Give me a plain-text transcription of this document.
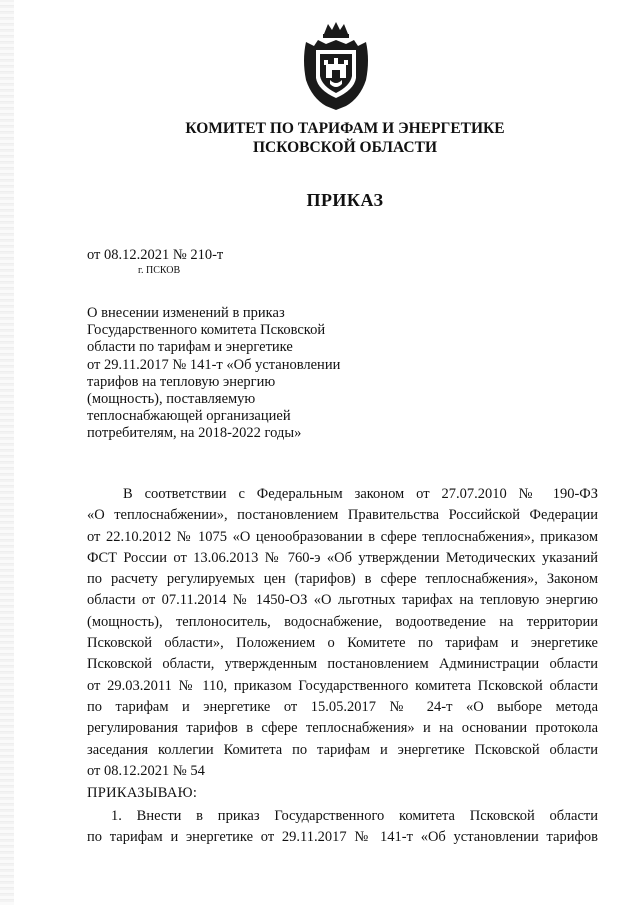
КОМИТЕТ ПО ТАРИФАМ И ЭНЕРГЕТИКЕ
ПСКОВСКОЙ ОБЛАСТИ
ПРИКАЗ
от 08.12.2021 № 210-т
г. ПСКОВ
О внесении изменений в приказ
Государственного комитета Псковской
области по тарифам и энергетике
от 29.11.2017 № 141-т «Об установлении
тарифов на тепловую энергию
(мощность), поставляемую
теплоснабжающей организацией
потребителям, на 2018-2022 годы»
В соответствии с Федеральным законом от 27.07.2010 № 190-ФЗ
«О теплоснабжении», постановлением Правительства Российской Федерации
от 22.10.2012 № 1075 «О ценообразовании в сфере теплоснабжения», приказом
ФСТ России от 13.06.2013 № 760-э «Об утверждении Методических указаний
по расчету регулируемых цен (тарифов) в сфере теплоснабжения», Законом
области от 07.11.2014 № 1450-ОЗ «О льготных тарифах на тепловую энергию
(мощность), теплоноситель, водоснабжение, водоотведение на территории
Псковской области», Положением о Комитете по тарифам и энергетике
Псковской области, утвержденным постановлением Администрации области
от 29.03.2011 № 110, приказом Государственного комитета Псковской области
по тарифам и энергетике от 15.05.2017 № 24-т «О выборе метода
регулирования тарифов в сфере теплоснабжения» и на основании протокола
заседания коллегии Комитета по тарифам и энергетике Псковской области
от 08.12.2021 № 54
ПРИКАЗЫВАЮ:
1. Внести в приказ Государственного комитета Псковской области
по тарифам и энергетике от 29.11.2017 № 141-т «Об установлении тарифов
